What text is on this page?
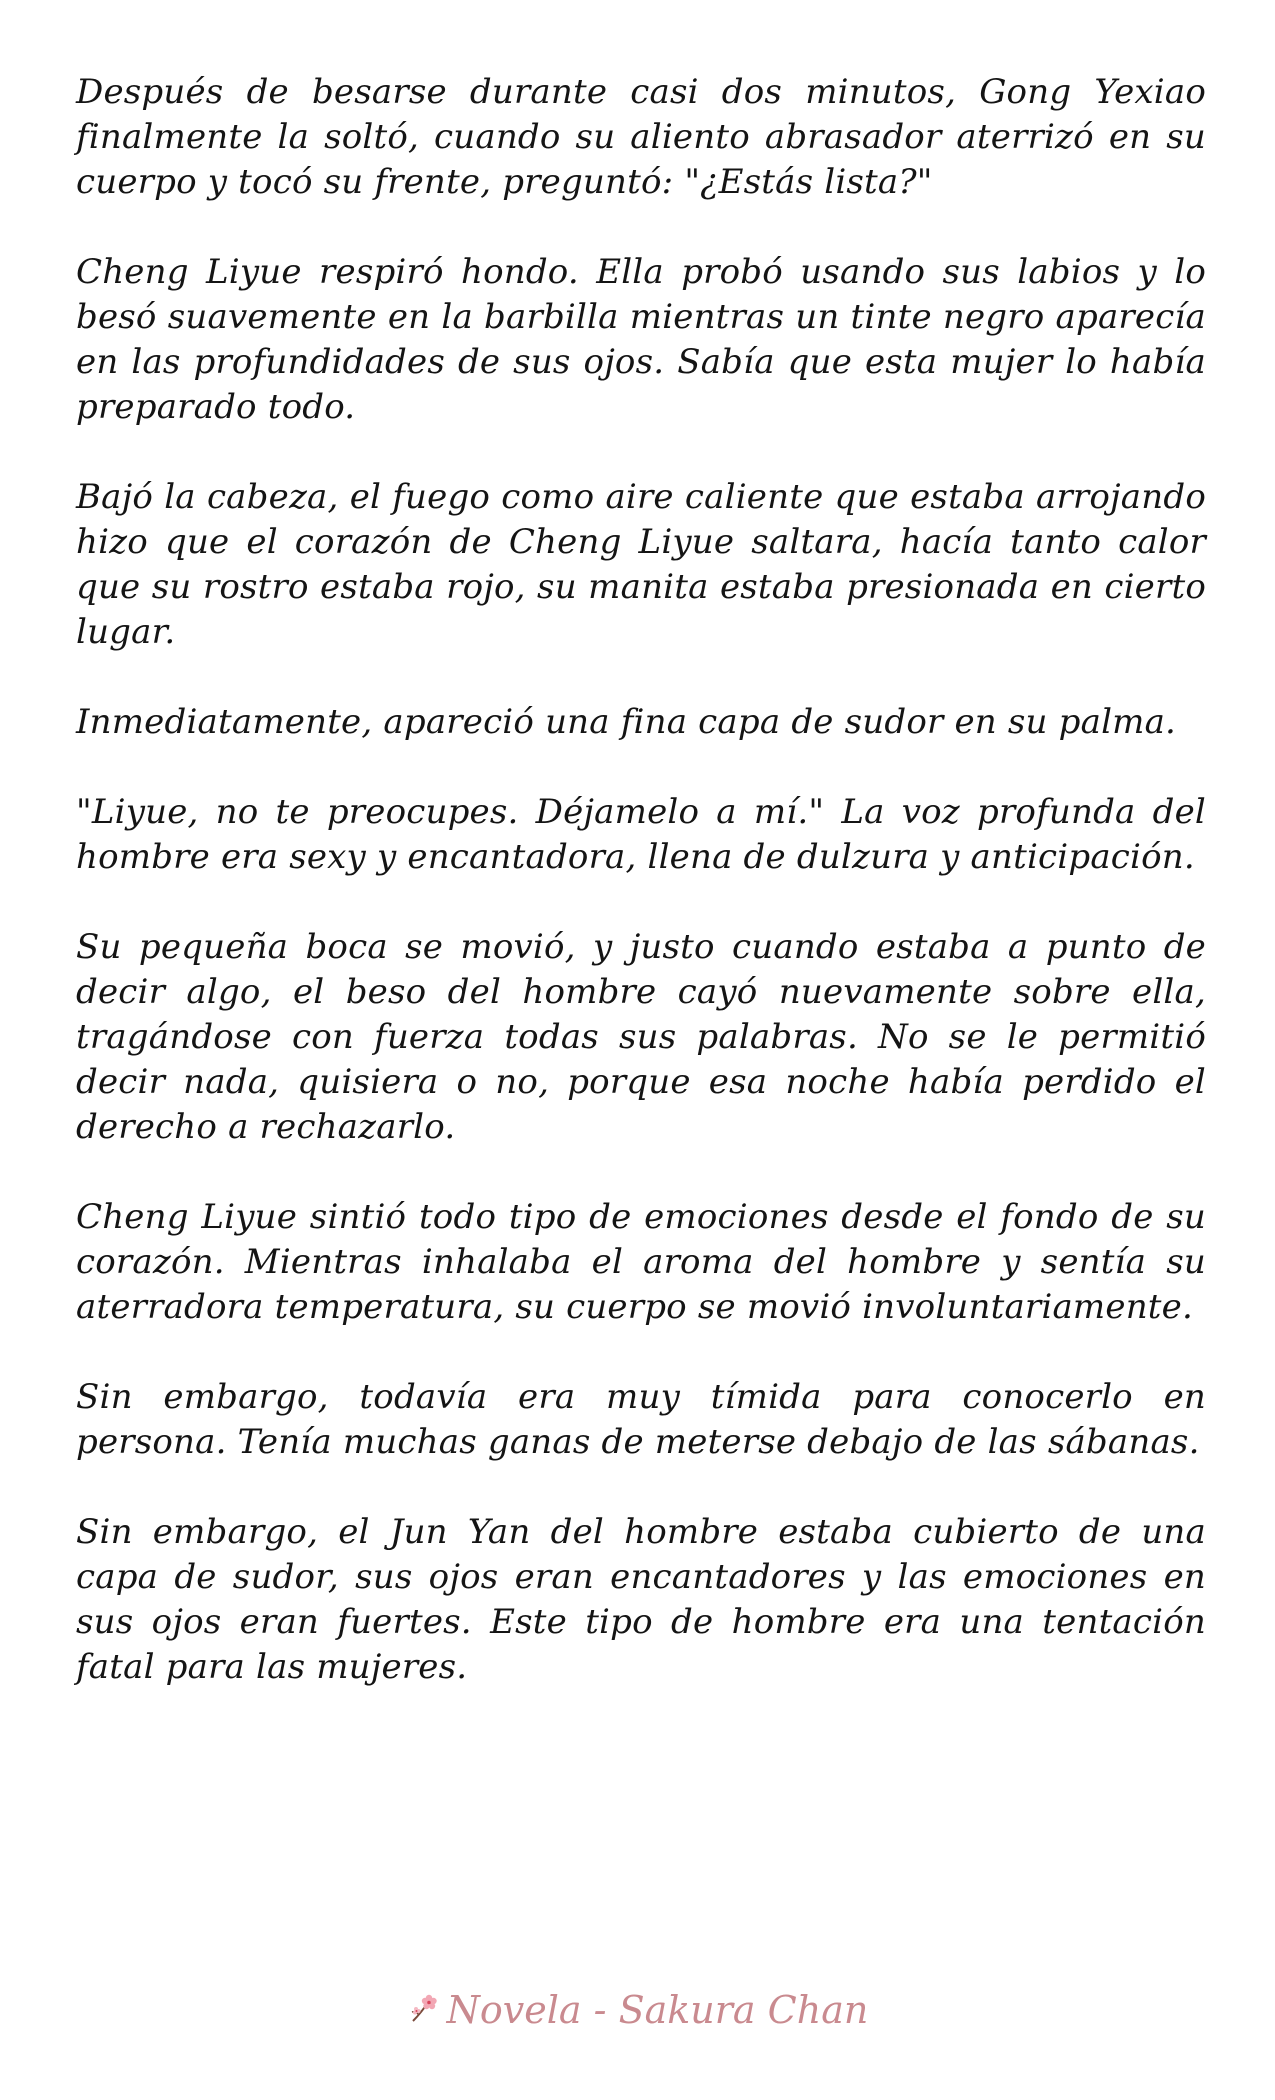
Después de besarse durante casi dos minutos, Gong Yexiao finalmente la soltó, cuando su aliento abrasador aterrizó en su cuerpo y tocó su frente, preguntó: "¿Estás lista?"

Cheng Liyue respiró hondo. Ella probó usando sus labios y lo besó suavemente en la barbilla mientras un tinte negro aparecía en las profundidades de sus ojos. Sabía que esta mujer lo había preparado todo.

Bajó la cabeza, el fuego como aire caliente que estaba arrojando hizo que el corazón de Cheng Liyue saltara, hacía tanto calor que su rostro estaba rojo, su manita estaba presionada en cierto lugar.

Inmediatamente, apareció una fina capa de sudor en su palma.

"Liyue, no te preocupes. Déjamelo a mí." La voz profunda del hombre era sexy y encantadora, llena de dulzura y anticipación.

Su pequeña boca se movió, y justo cuando estaba a punto de decir algo, el beso del hombre cayó nuevamente sobre ella, tragándose con fuerza todas sus palabras. No se le permitió decir nada, quisiera o no, porque esa noche había perdido el derecho a rechazarlo.

Cheng Liyue sintió todo tipo de emociones desde el fondo de su corazón. Mientras inhalaba el aroma del hombre y sentía su aterradora temperatura, su cuerpo se movió involuntariamente.

Sin embargo, todavía era muy tímida para conocerlo en persona. Tenía muchas ganas de meterse debajo de las sábanas.

Sin embargo, el Jun Yan del hombre estaba cubierto de una capa de sudor, sus ojos eran encantadores y las emociones en sus ojos eran fuertes. Este tipo de hombre era una tentación fatal para las mujeres.

Novela - Sakura Chan
